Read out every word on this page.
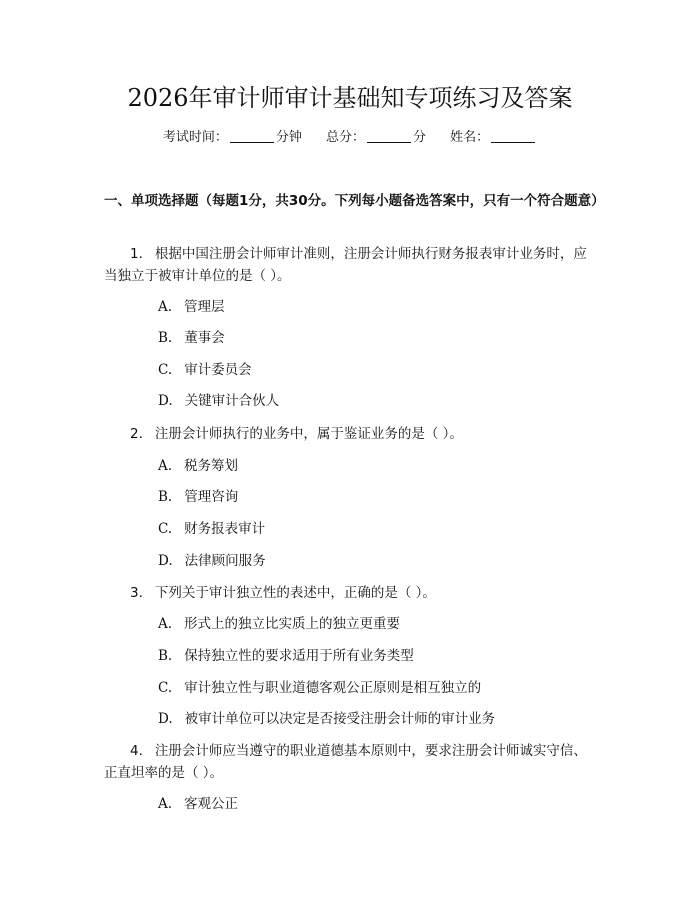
2026年审计师审计基础知专项练习及答案
考试时间：	分钟 总分：	分 姓名：
一、单项选择题（每题1分，共30分。下列每小题备选答案中，只有一个符合题意）
1. 根据中国注册会计师审计准则，注册会计师执行财务报表审计业务时，应当独立于被审计单位的是（ ）。
A. 管理层
B. 董事会
C. 审计委员会
D. 关键审计合伙人
2. 注册会计师执行的业务中，属于鉴证业务的是（ ）。
A. 税务筹划
B. 管理咨询
C. 财务报表审计
D. 法律顾问服务
3. 下列关于审计独立性的表述中，正确的是（ ）。
A. 形式上的独立比实质上的独立更重要
B. 保持独立性的要求适用于所有业务类型
C. 审计独立性与职业道德客观公正原则是相互独立的
D. 被审计单位可以决定是否接受注册会计师的审计业务
4. 注册会计师应当遵守的职业道德基本原则中，要求注册会计师诚实守信、正直坦率的是（ ）。
A. 客观公正
